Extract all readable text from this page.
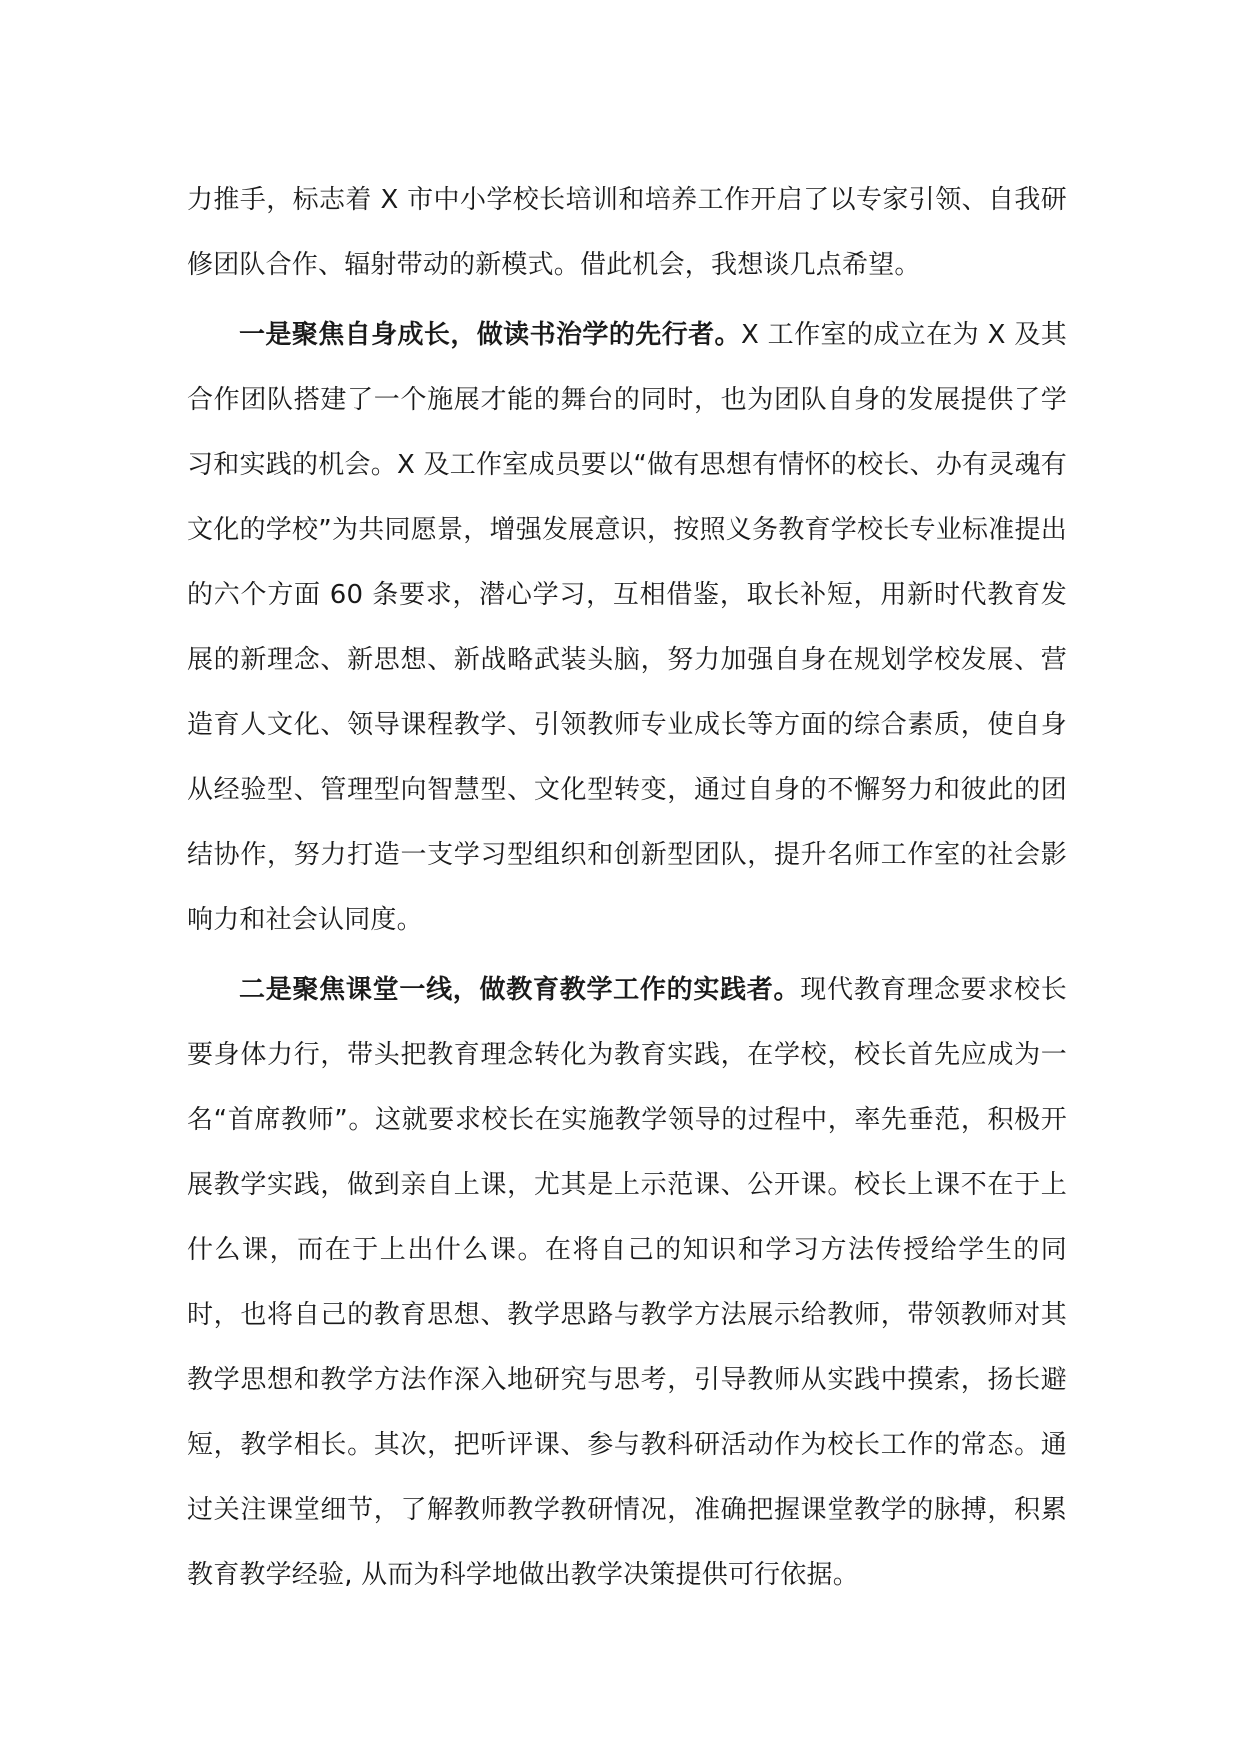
力推手，标志着 X 市中小学校长培训和培养工作开启了以专家引领、自我研修团队合作、辐射带动的新模式。借此机会，我想谈几点希望。

一是聚焦自身成长，做读书治学的先行者。X 工作室的成立在为 X 及其合作团队搭建了一个施展才能的舞台的同时，也为团队自身的发展提供了学习和实践的机会。X 及工作室成员要以“做有思想有情怀的校长、办有灵魂有文化的学校”为共同愿景，增强发展意识，按照义务教育学校长专业标准提出的六个方面 60 条要求，潜心学习，互相借鉴，取长补短，用新时代教育发展的新理念、新思想、新战略武装头脑，努力加强自身在规划学校发展、营造育人文化、领导课程教学、引领教师专业成长等方面的综合素质，使自身从经验型、管理型向智慧型、文化型转变，通过自身的不懈努力和彼此的团结协作，努力打造一支学习型组织和创新型团队，提升名师工作室的社会影响力和社会认同度。

二是聚焦课堂一线，做教育教学工作的实践者。现代教育理念要求校长要身体力行，带头把教育理念转化为教育实践，在学校，校长首先应成为一名“首席教师”。这就要求校长在实施教学领导的过程中，率先垂范，积极开展教学实践，做到亲自上课，尤其是上示范课、公开课。校长上课不在于上什么课，而在于上出什么课。在将自己的知识和学习方法传授给学生的同时，也将自己的教育思想、教学思路与教学方法展示给教师，带领教师对其教学思想和教学方法作深入地研究与思考，引导教师从实践中摸索，扬长避短，教学相长。其次，把听评课、参与教科研活动作为校长工作的常态。通过关注课堂细节，了解教师教学教研情况，准确把握课堂教学的脉搏，积累教育教学经验, 从而为科学地做出教学决策提供可行依据。
